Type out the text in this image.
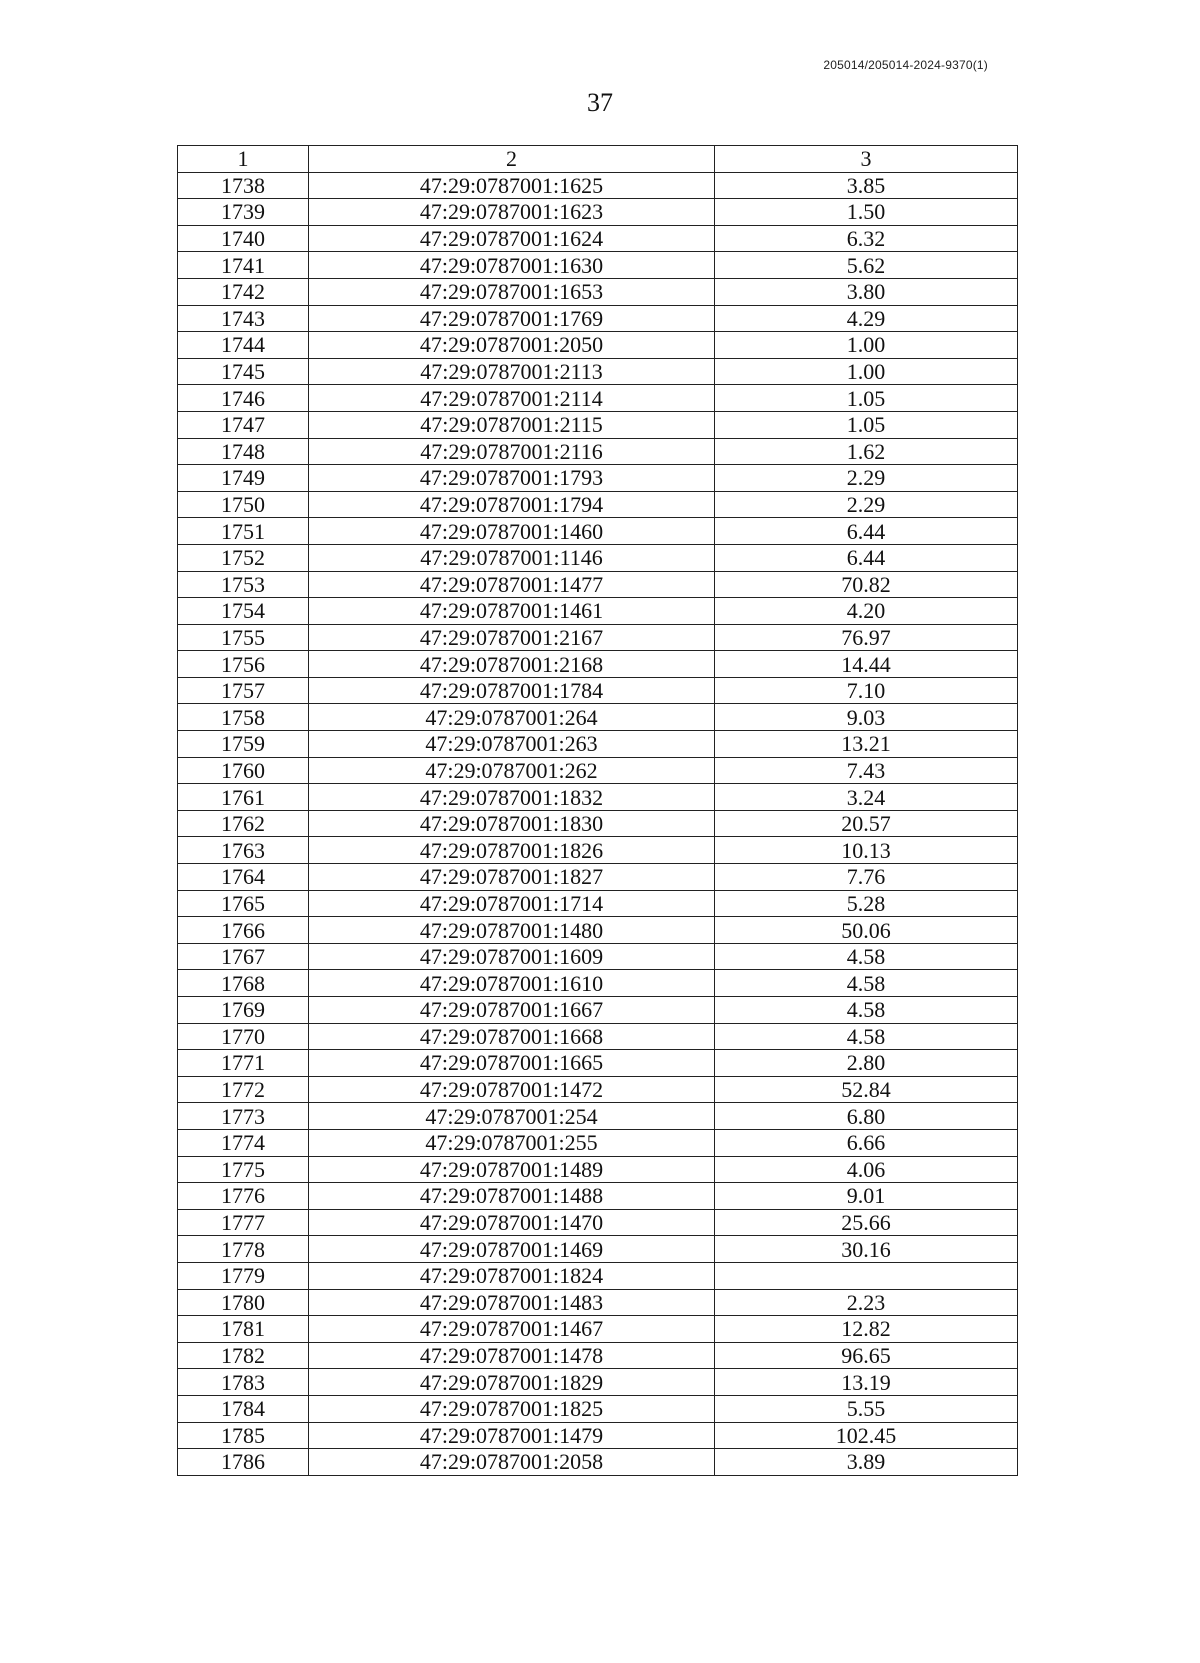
205014/205014-2024-9370(1)
37
1	2	3
1738	47:29:0787001:1625	3.85
1739	47:29:0787001:1623	1.50
1740	47:29:0787001:1624	6.32
1741	47:29:0787001:1630	5.62
1742	47:29:0787001:1653	3.80
1743	47:29:0787001:1769	4.29
1744	47:29:0787001:2050	1.00
1745	47:29:0787001:2113	1.00
1746	47:29:0787001:2114	1.05
1747	47:29:0787001:2115	1.05
1748	47:29:0787001:2116	1.62
1749	47:29:0787001:1793	2.29
1750	47:29:0787001:1794	2.29
1751	47:29:0787001:1460	6.44
1752	47:29:0787001:1146	6.44
1753	47:29:0787001:1477	70.82
1754	47:29:0787001:1461	4.20
1755	47:29:0787001:2167	76.97
1756	47:29:0787001:2168	14.44
1757	47:29:0787001:1784	7.10
1758	47:29:0787001:264	9.03
1759	47:29:0787001:263	13.21
1760	47:29:0787001:262	7.43
1761	47:29:0787001:1832	3.24
1762	47:29:0787001:1830	20.57
1763	47:29:0787001:1826	10.13
1764	47:29:0787001:1827	7.76
1765	47:29:0787001:1714	5.28
1766	47:29:0787001:1480	50.06
1767	47:29:0787001:1609	4.58
1768	47:29:0787001:1610	4.58
1769	47:29:0787001:1667	4.58
1770	47:29:0787001:1668	4.58
1771	47:29:0787001:1665	2.80
1772	47:29:0787001:1472	52.84
1773	47:29:0787001:254	6.80
1774	47:29:0787001:255	6.66
1775	47:29:0787001:1489	4.06
1776	47:29:0787001:1488	9.01
1777	47:29:0787001:1470	25.66
1778	47:29:0787001:1469	30.16
1779	47:29:0787001:1824	
1780	47:29:0787001:1483	2.23
1781	47:29:0787001:1467	12.82
1782	47:29:0787001:1478	96.65
1783	47:29:0787001:1829	13.19
1784	47:29:0787001:1825	5.55
1785	47:29:0787001:1479	102.45
1786	47:29:0787001:2058	3.89
